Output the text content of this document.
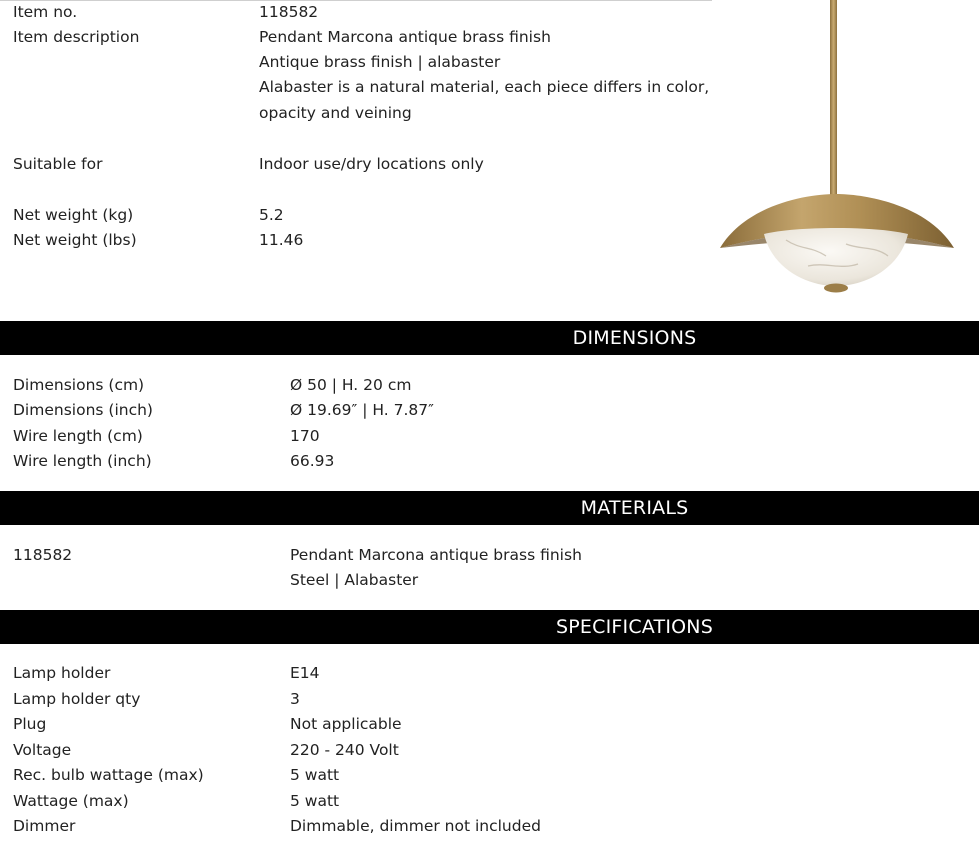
Item no.	118582
Item description	Pendant Marcona antique brass finish
Antique brass finish | alabaster
Alabaster is a natural material, each piece differs in color,
opacity and veining
Suitable for	Indoor use/dry locations only
Net weight (kg)	5.2
Net weight (lbs)	11.46
DIMENSIONS
Dimensions (cm)	Ø 50 | H. 20 cm
Dimensions (inch)	Ø 19.69″ | H. 7.87″
Wire length (cm)	170
Wire length (inch)	66.93
MATERIALS
118582	Pendant Marcona antique brass finish
Steel | Alabaster
SPECIFICATIONS
Lamp holder	E14
Lamp holder qty	3
Plug	Not applicable
Voltage	220 - 240 Volt
Rec. bulb wattage (max)	5 watt
Wattage (max)	5 watt
Dimmer	Dimmable, dimmer not included
